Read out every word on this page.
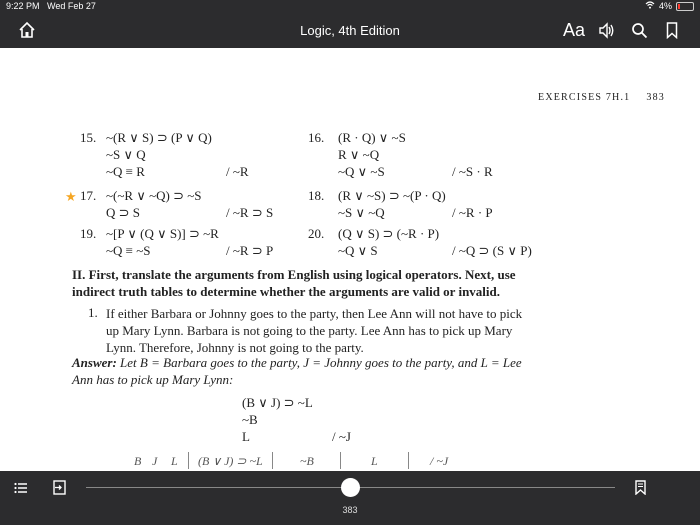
9:22 PM Wed Feb 27	4%
Logic, 4th Edition	Aa
EXERCISES 7H.1 383
15. ~(R ∨ S) ⊃ (P ∨ Q)
~S ∨ Q
~Q ≡ R	/ ~R
16. (R · Q) ∨ ~S
R ∨ ~Q
~Q ∨ ~S	/ ~S · R
★ 17. ~(~R ∨ ~Q) ⊃ ~S
Q ⊃ S	/ ~R ⊃ S
18. (R ∨ ~S) ⊃ ~(P · Q)
~S ∨ ~Q	/ ~R · P
19. ~[P ∨ (Q ∨ S)] ⊃ ~R
~Q ≡ ~S	/ ~R ⊃ P
20. (Q ∨ S) ⊃ (~R · P)
~Q ∨ S	/ ~Q ⊃ (S ∨ P)
II. First, translate the arguments from English using logical operators. Next, use indirect truth tables to determine whether the arguments are valid or invalid.
1. If either Barbara or Johnny goes to the party, then Lee Ann will not have to pick up Mary Lynn. Barbara is not going to the party. Lee Ann has to pick up Mary Lynn. Therefore, Johnny is not going to the party.
Answer: Let B = Barbara goes to the party, J = Johnny goes to the party, and L = Lee Ann has to pick up Mary Lynn:
(B ∨ J) ⊃ ~L
~B
L	/ ~J
B J L (B ∨ J) ⊃ ~L	~B	L	/ ~J
383
